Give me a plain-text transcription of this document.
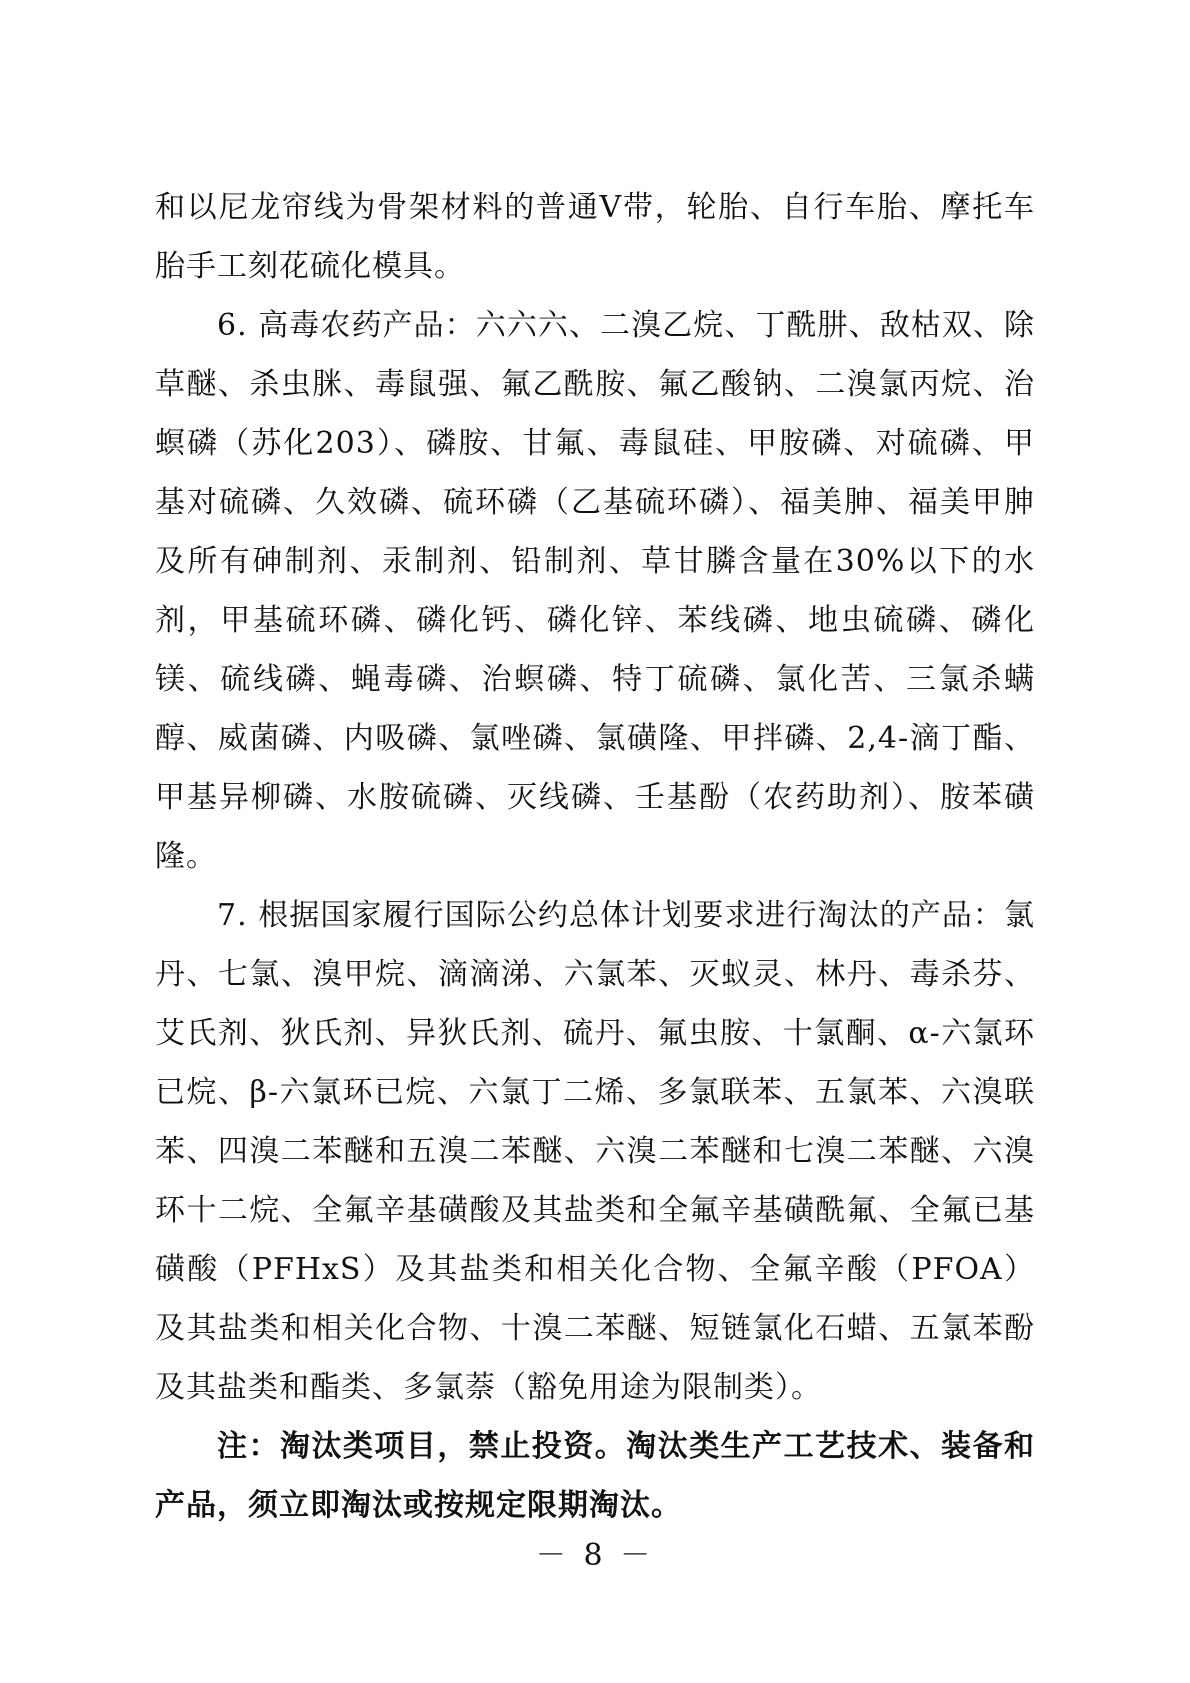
和以尼龙帘线为骨架材料的普通V带，轮胎、自行车胎、摩托车胎手工刻花硫化模具。

6. 高毒农药产品：六六六、二溴乙烷、丁酰肼、敌枯双、除草醚、杀虫脒、毒鼠强、氟乙酰胺、氟乙酸钠、二溴氯丙烷、治螟磷（苏化203）、磷胺、甘氟、毒鼠硅、甲胺磷、对硫磷、甲基对硫磷、久效磷、硫环磷（乙基硫环磷）、福美胂、福美甲胂及所有砷制剂、汞制剂、铅制剂、草甘膦含量在30%以下的水剂，甲基硫环磷、磷化钙、磷化锌、苯线磷、地虫硫磷、磷化镁、硫线磷、蝇毒磷、治螟磷、特丁硫磷、氯化苦、三氯杀螨醇、威菌磷、内吸磷、氯唑磷、氯磺隆、甲拌磷、2,4-滴丁酯、甲基异柳磷、水胺硫磷、灭线磷、壬基酚（农药助剂）、胺苯磺隆。

7. 根据国家履行国际公约总体计划要求进行淘汰的产品：氯丹、七氯、溴甲烷、滴滴涕、六氯苯、灭蚁灵、林丹、毒杀芬、艾氏剂、狄氏剂、异狄氏剂、硫丹、氟虫胺、十氯酮、α-六氯环已烷、β-六氯环已烷、六氯丁二烯、多氯联苯、五氯苯、六溴联苯、四溴二苯醚和五溴二苯醚、六溴二苯醚和七溴二苯醚、六溴环十二烷、全氟辛基磺酸及其盐类和全氟辛基磺酰氟、全氟已基磺酸（PFHxS）及其盐类和相关化合物、全氟辛酸（PFOA）及其盐类和相关化合物、十溴二苯醚、短链氯化石蜡、五氯苯酚及其盐类和酯类、多氯萘（豁免用途为限制类）。

注：淘汰类项目，禁止投资。淘汰类生产工艺技术、装备和产品，须立即淘汰或按规定限期淘汰。

－ 8 －
